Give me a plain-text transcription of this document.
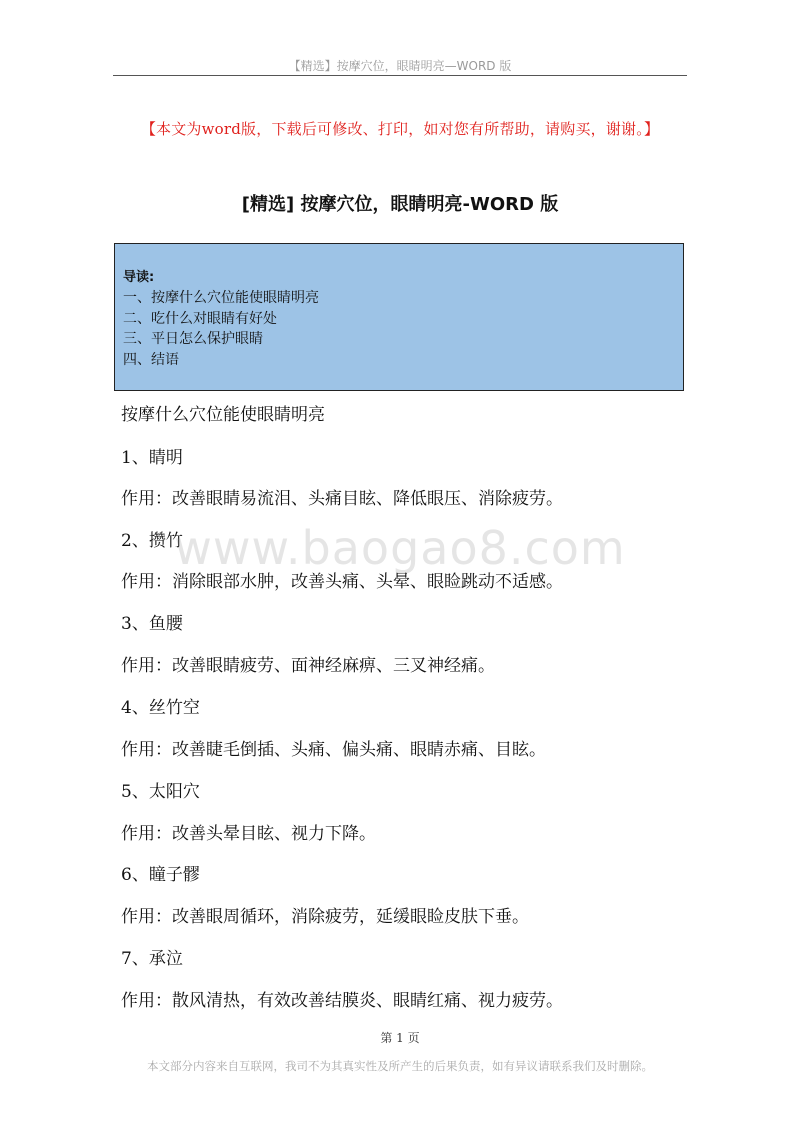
【精选】按摩穴位，眼睛明亮—WORD 版
【本文为word版，下载后可修改、打印，如对您有所帮助，请购买，谢谢。】
[精选] 按摩穴位，眼睛明亮-WORD 版
导读:
一、按摩什么穴位能使眼睛明亮
二、吃什么对眼睛有好处
三、平日怎么保护眼睛
四、结语
按摩什么穴位能使眼睛明亮
1、睛明
作用：改善眼睛易流泪、头痛目眩、降低眼压、消除疲劳。
2、攒竹
作用：消除眼部水肿，改善头痛、头晕、眼睑跳动不适感。
3、鱼腰
作用：改善眼睛疲劳、面神经麻痹、三叉神经痛。
4、丝竹空
作用：改善睫毛倒插、头痛、偏头痛、眼睛赤痛、目眩。
5、太阳穴
作用：改善头晕目眩、视力下降。
6、瞳子髎
作用：改善眼周循环，消除疲劳，延缓眼睑皮肤下垂。
7、承泣
作用：散风清热，有效改善结膜炎、眼睛红痛、视力疲劳。
www.baogao8.com
第 1 页
本文部分内容来自互联网，我司不为其真实性及所产生的后果负责，如有异议请联系我们及时删除。
